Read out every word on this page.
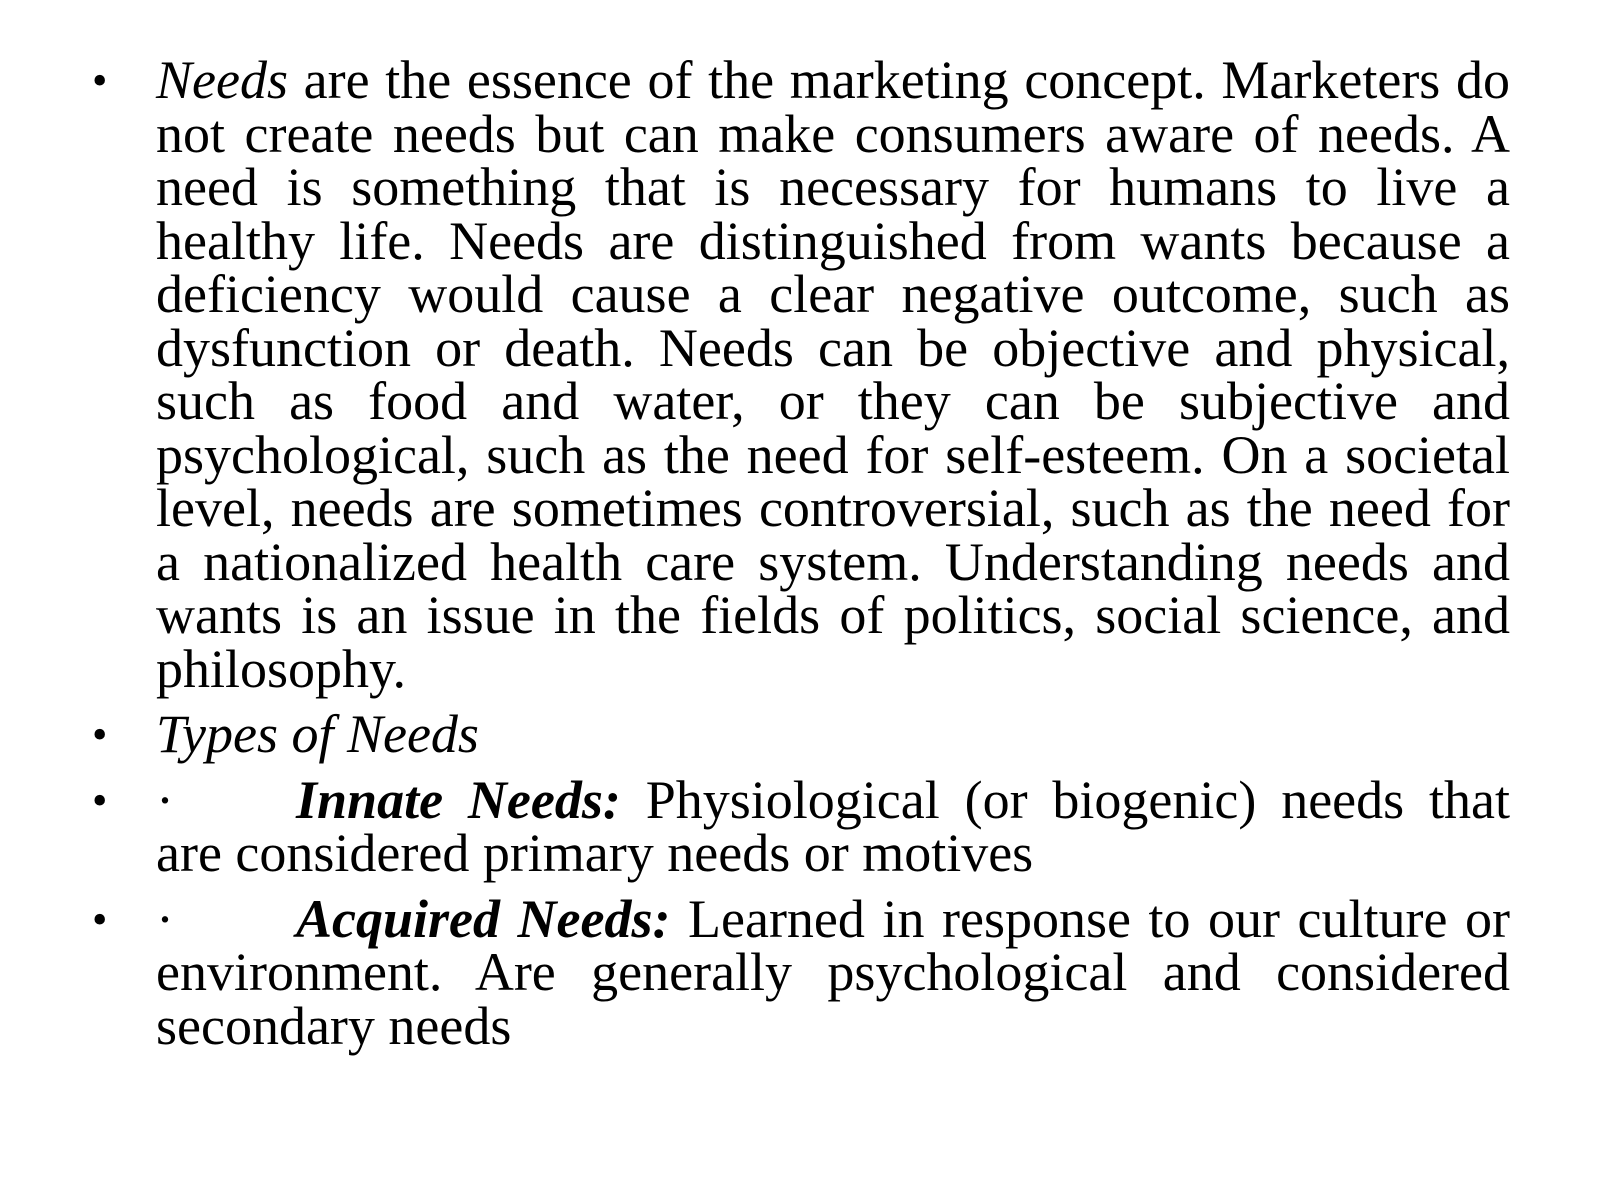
• Needs are the essence of the marketing concept. Marketers do not create needs but can make consumers aware of needs. A need is something that is necessary for humans to live a healthy life. Needs are distinguished from wants because a deficiency would cause a clear negative outcome, such as dysfunction or death. Needs can be objective and physical, such as food and water, or they can be subjective and psychological, such as the need for self-esteem. On a societal level, needs are sometimes controversial, such as the need for a nationalized health care system. Understanding needs and wants is an issue in the fields of politics, social science, and philosophy.
• Types of Needs
• · Innate Needs: Physiological (or biogenic) needs that are considered primary needs or motives
• · Acquired Needs: Learned in response to our culture or environment. Are generally psychological and considered secondary needs
